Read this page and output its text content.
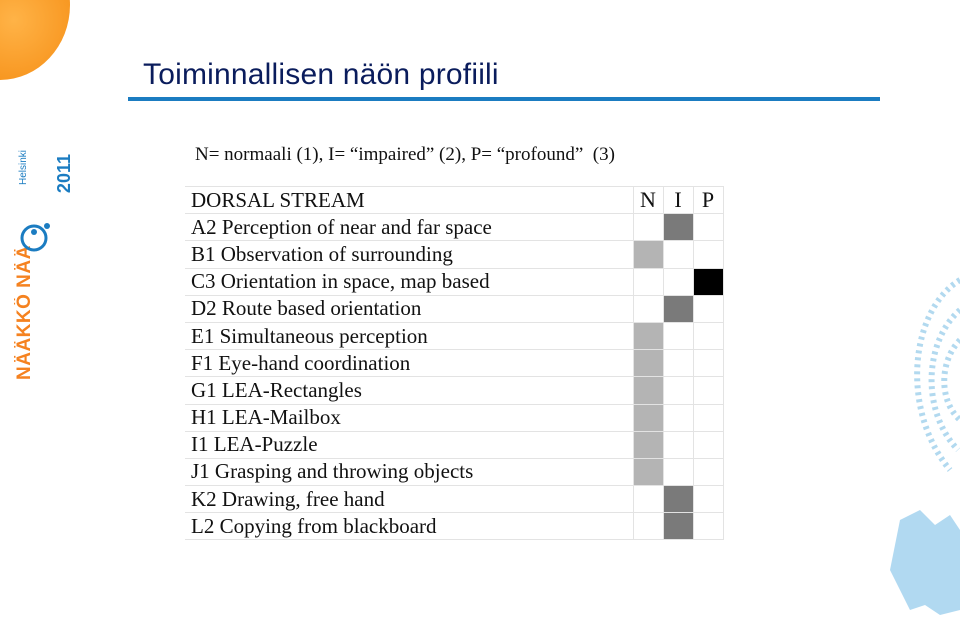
Toiminnallisen näön profiili
N= normaali (1), I= “impaired” (2), P= “profound”  (3)
NÄÄKKÖ NÄÄ
2011
Helsinki
DORSAL STREAM	N	I	P
A2 Perception of near and far space			
B1 Observation of surrounding			
C3 Orientation in space, map based			
D2 Route based orientation			
E1 Simultaneous perception			
F1 Eye-hand coordination			
G1 LEA-Rectangles			
H1 LEA-Mailbox			
I1 LEA-Puzzle			
J1 Grasping and throwing objects			
K2 Drawing, free hand			
L2 Copying from blackboard			
